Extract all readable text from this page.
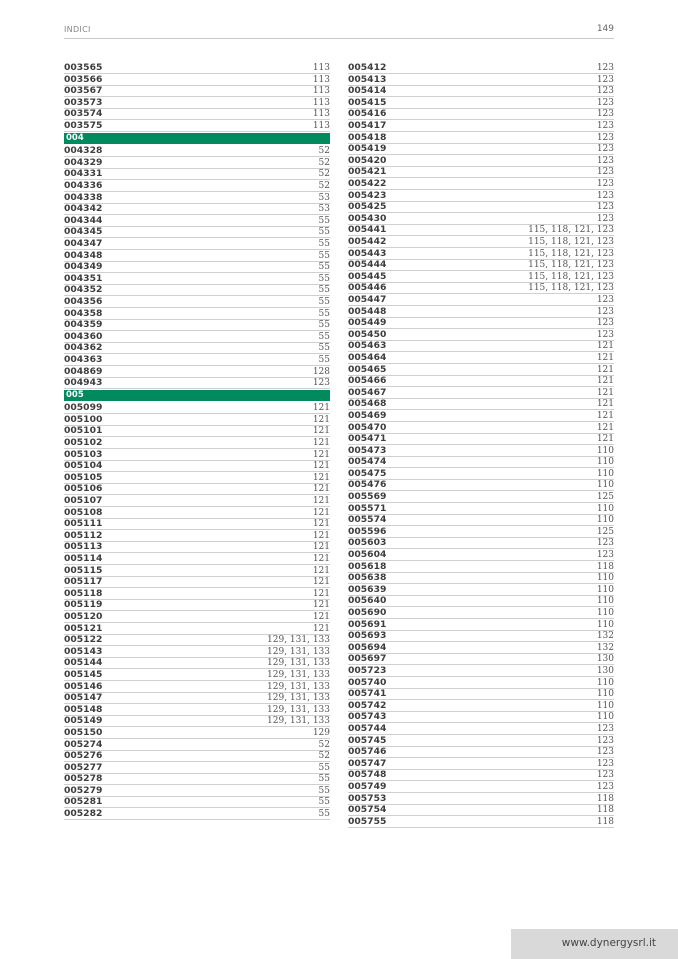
INDICI	149
003565	113
003566	113
003567	113
003573	113
003574	113
003575	113
004
004328	52
004329	52
004331	52
004336	52
004338	53
004342	53
004344	55
004345	55
004347	55
004348	55
004349	55
004351	55
004352	55
004356	55
004358	55
004359	55
004360	55
004362	55
004363	55
004869	128
004943	123
005
005099	121
005100	121
005101	121
005102	121
005103	121
005104	121
005105	121
005106	121
005107	121
005108	121
005111	121
005112	121
005113	121
005114	121
005115	121
005117	121
005118	121
005119	121
005120	121
005121	121
005122	129, 131, 133
005143	129, 131, 133
005144	129, 131, 133
005145	129, 131, 133
005146	129, 131, 133
005147	129, 131, 133
005148	129, 131, 133
005149	129, 131, 133
005150	129
005274	52
005276	52
005277	55
005278	55
005279	55
005281	55
005282	55
005412	123
005413	123
005414	123
005415	123
005416	123
005417	123
005418	123
005419	123
005420	123
005421	123
005422	123
005423	123
005425	123
005430	123
005441	115, 118, 121, 123
005442	115, 118, 121, 123
005443	115, 118, 121, 123
005444	115, 118, 121, 123
005445	115, 118, 121, 123
005446	115, 118, 121, 123
005447	123
005448	123
005449	123
005450	123
005463	121
005464	121
005465	121
005466	121
005467	121
005468	121
005469	121
005470	121
005471	121
005473	110
005474	110
005475	110
005476	110
005569	125
005571	110
005574	110
005596	125
005603	123
005604	123
005618	118
005638	110
005639	110
005640	110
005690	110
005691	110
005693	132
005694	132
005697	130
005723	130
005740	110
005741	110
005742	110
005743	110
005744	123
005745	123
005746	123
005747	123
005748	123
005749	123
005753	118
005754	118
005755	118
www.dynergysrl.it
